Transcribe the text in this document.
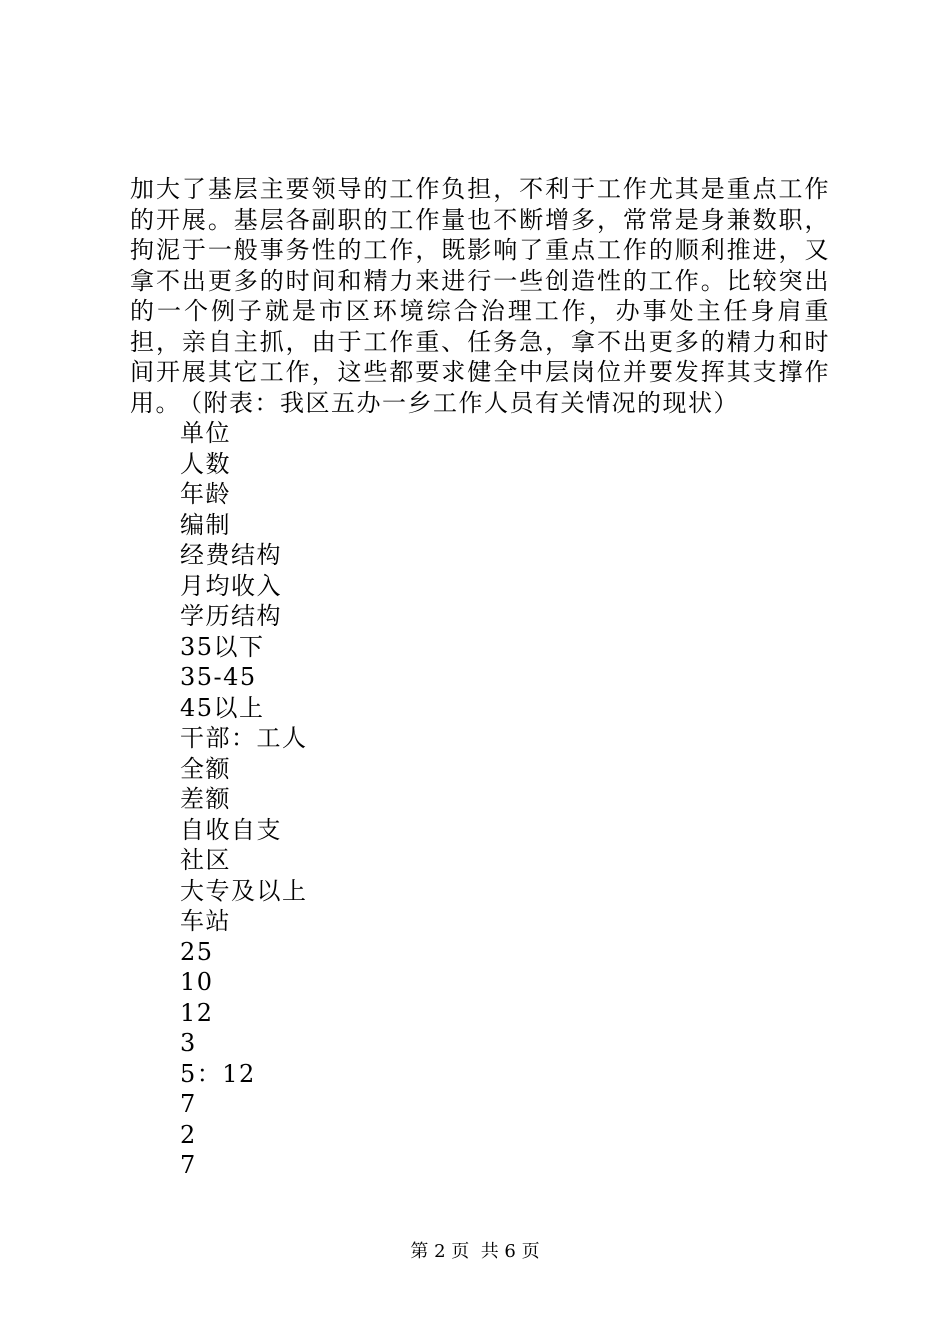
加大了基层主要领导的工作负担，不利于工作尤其是重点工作的开展。基层各副职的工作量也不断增多，常常是身兼数职，拘泥于一般事务性的工作，既影响了重点工作的顺利推进，又拿不出更多的时间和精力来进行一些创造性的工作。比较突出的一个例子就是市区环境综合治理工作，办事处主任身肩重担，亲自主抓，由于工作重、任务急，拿不出更多的精力和时间开展其它工作，这些都要求健全中层岗位并要发挥其支撑作用。

（附表：我区五办一乡工作人员有关情况的现状）

单位
人数
年龄
编制
经费结构
月均收入
学历结构
35以下
35-45
45以上
干部：工人
全额
差额
自收自支
社区
大专及以上
车站
25
10
12
3
5：12
7
2
7
第 2 页  共 6 页
